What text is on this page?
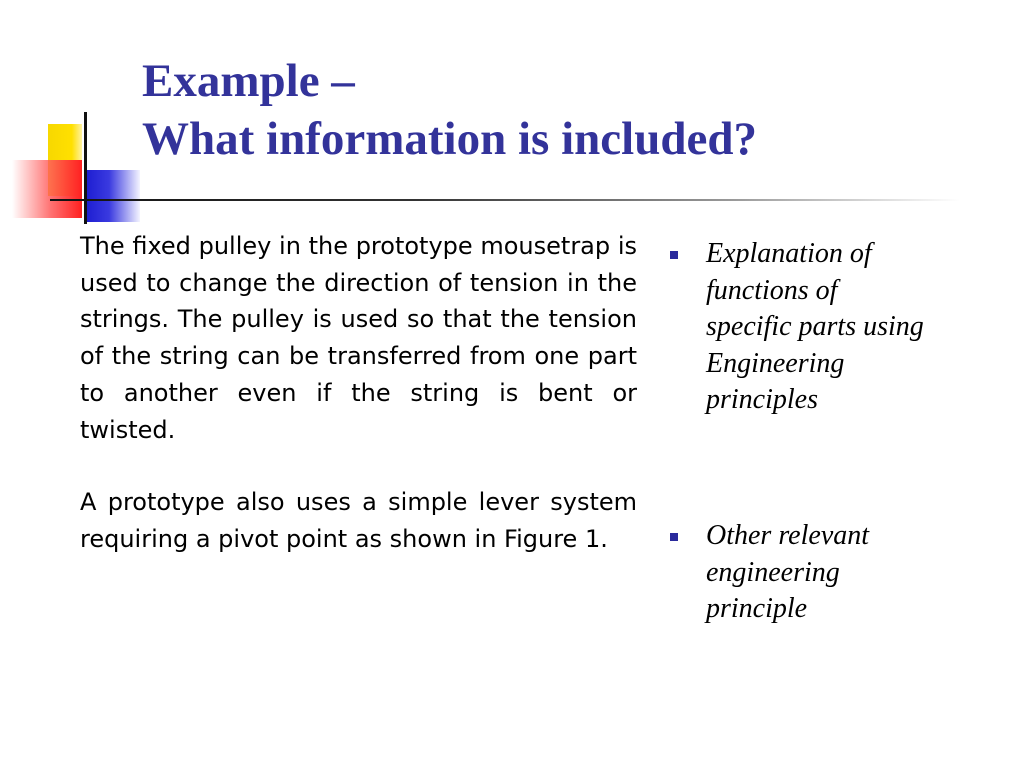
Example –
What information is included?

The fixed pulley in the prototype mousetrap is used to change the direction of tension in the strings. The pulley is used so that the tension of the string can be transferred from one part to another even if the string is bent or twisted.

A prototype also uses a simple lever system requiring a pivot point as shown in Figure 1.

Explanation of functions of specific parts using Engineering principles
Other relevant engineering principle
